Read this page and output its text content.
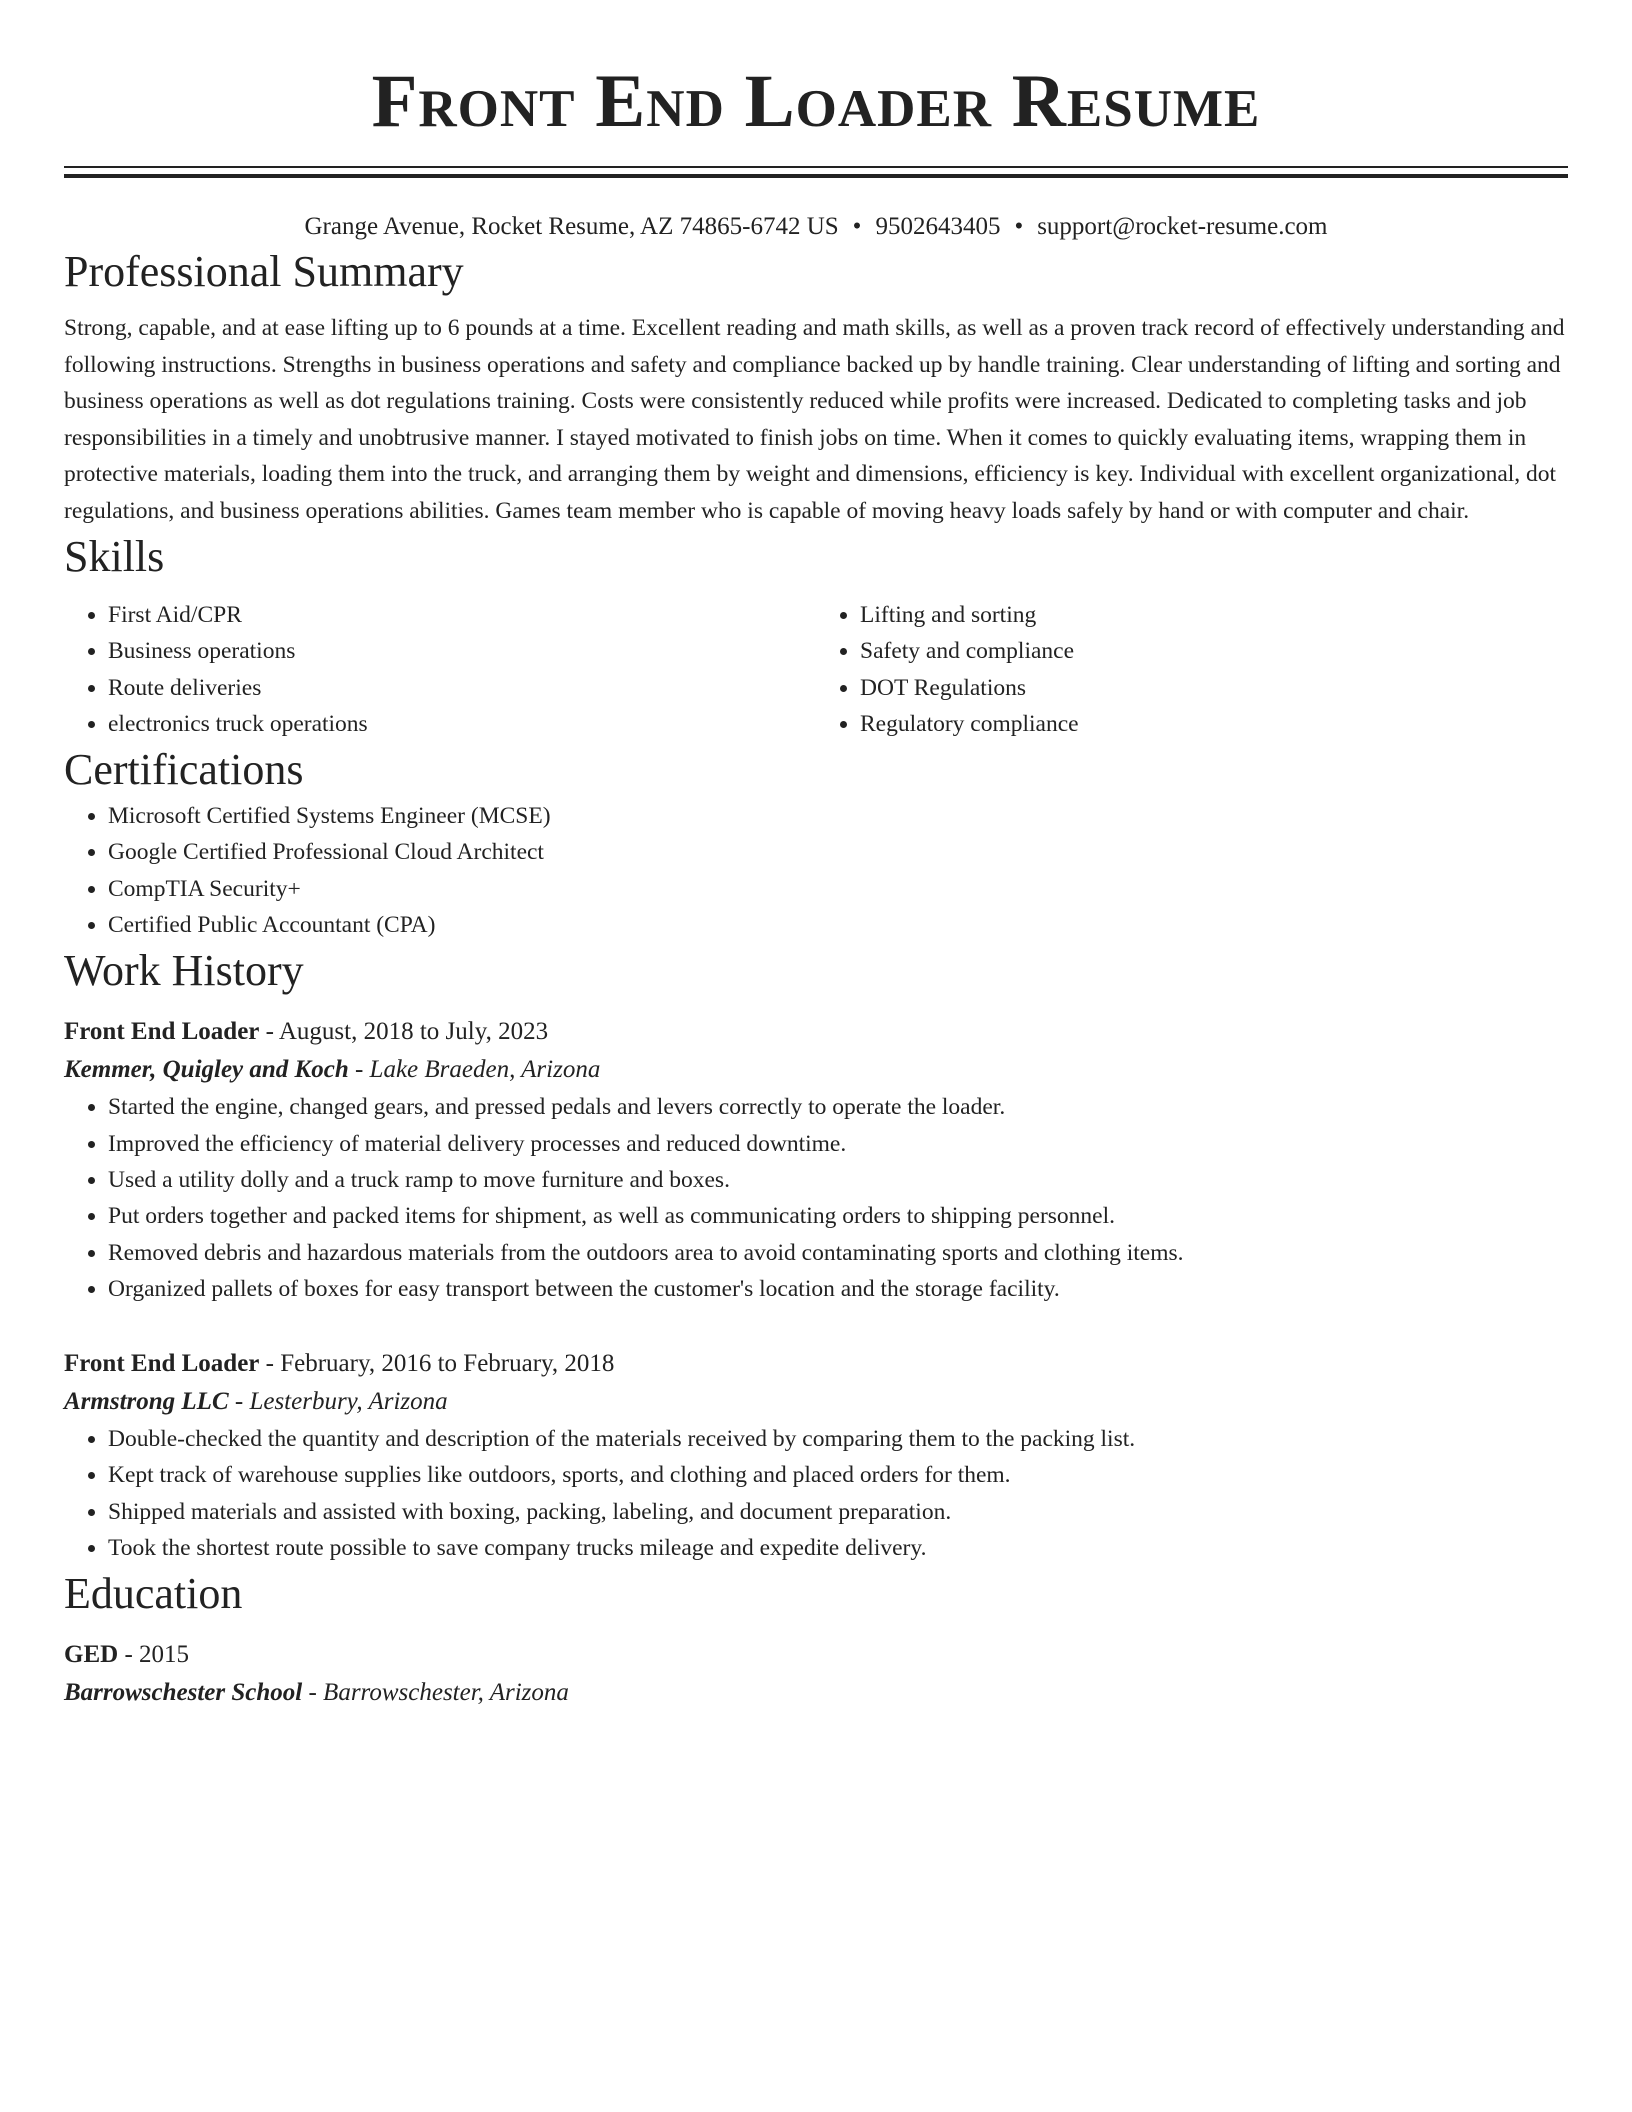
Front End Loader Resume
Grange Avenue, Rocket Resume, AZ 74865-6742 US • 9502643405 • support@rocket-resume.com
Professional Summary
Strong, capable, and at ease lifting up to 6 pounds at a time. Excellent reading and math skills, as well as a proven track record of effectively understanding and following instructions. Strengths in business operations and safety and compliance backed up by handle training. Clear understanding of lifting and sorting and business operations as well as dot regulations training. Costs were consistently reduced while profits were increased. Dedicated to completing tasks and job responsibilities in a timely and unobtrusive manner. I stayed motivated to finish jobs on time. When it comes to quickly evaluating items, wrapping them in protective materials, loading them into the truck, and arranging them by weight and dimensions, efficiency is key. Individual with excellent organizational, dot regulations, and business operations abilities. Games team member who is capable of moving heavy loads safely by hand or with computer and chair.
Skills
• First Aid/CPR
• Business operations
• Route deliveries
• electronics truck operations
• Lifting and sorting
• Safety and compliance
• DOT Regulations
• Regulatory compliance
Certifications
• Microsoft Certified Systems Engineer (MCSE)
• Google Certified Professional Cloud Architect
• CompTIA Security+
• Certified Public Accountant (CPA)
Work History
Front End Loader - August, 2018 to July, 2023
Kemmer, Quigley and Koch - Lake Braeden, Arizona
• Started the engine, changed gears, and pressed pedals and levers correctly to operate the loader.
• Improved the efficiency of material delivery processes and reduced downtime.
• Used a utility dolly and a truck ramp to move furniture and boxes.
• Put orders together and packed items for shipment, as well as communicating orders to shipping personnel.
• Removed debris and hazardous materials from the outdoors area to avoid contaminating sports and clothing items.
• Organized pallets of boxes for easy transport between the customer's location and the storage facility.
Front End Loader - February, 2016 to February, 2018
Armstrong LLC - Lesterbury, Arizona
• Double-checked the quantity and description of the materials received by comparing them to the packing list.
• Kept track of warehouse supplies like outdoors, sports, and clothing and placed orders for them.
• Shipped materials and assisted with boxing, packing, labeling, and document preparation.
• Took the shortest route possible to save company trucks mileage and expedite delivery.
Education
GED - 2015
Barrowschester School - Barrowschester, Arizona
